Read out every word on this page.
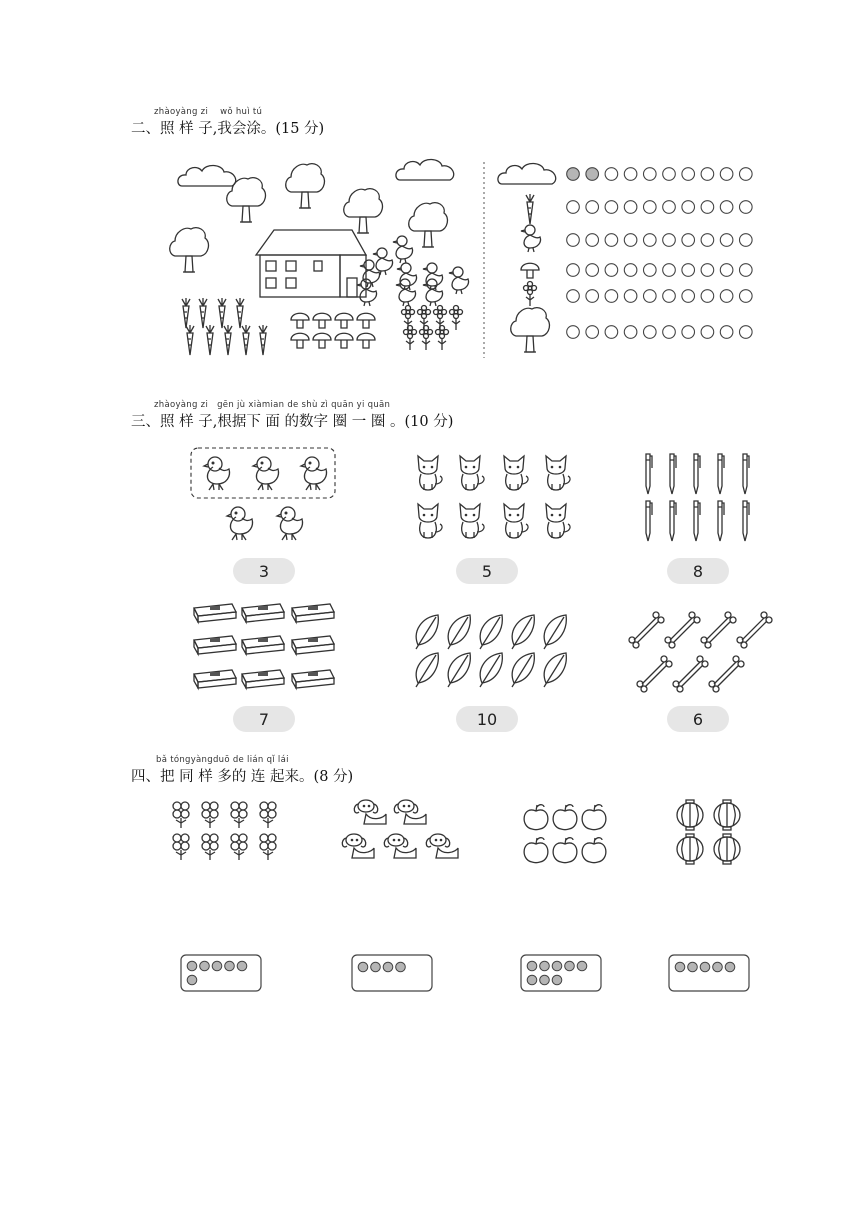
zhàoyàng zi    wǒ huì tú
二、照 样 子,我会涂。(15 分)
zhàoyàng zi   gēn jù xiàmian de shù zì quān yi quān
三、照 样 子,根据下 面 的数字 圈 一 圈 。(10 分)
3	5	8
7	10	6
bǎ tóngyàngduō de lián qǐ lái
四、把 同 样 多的 连 起来。(8 分)
